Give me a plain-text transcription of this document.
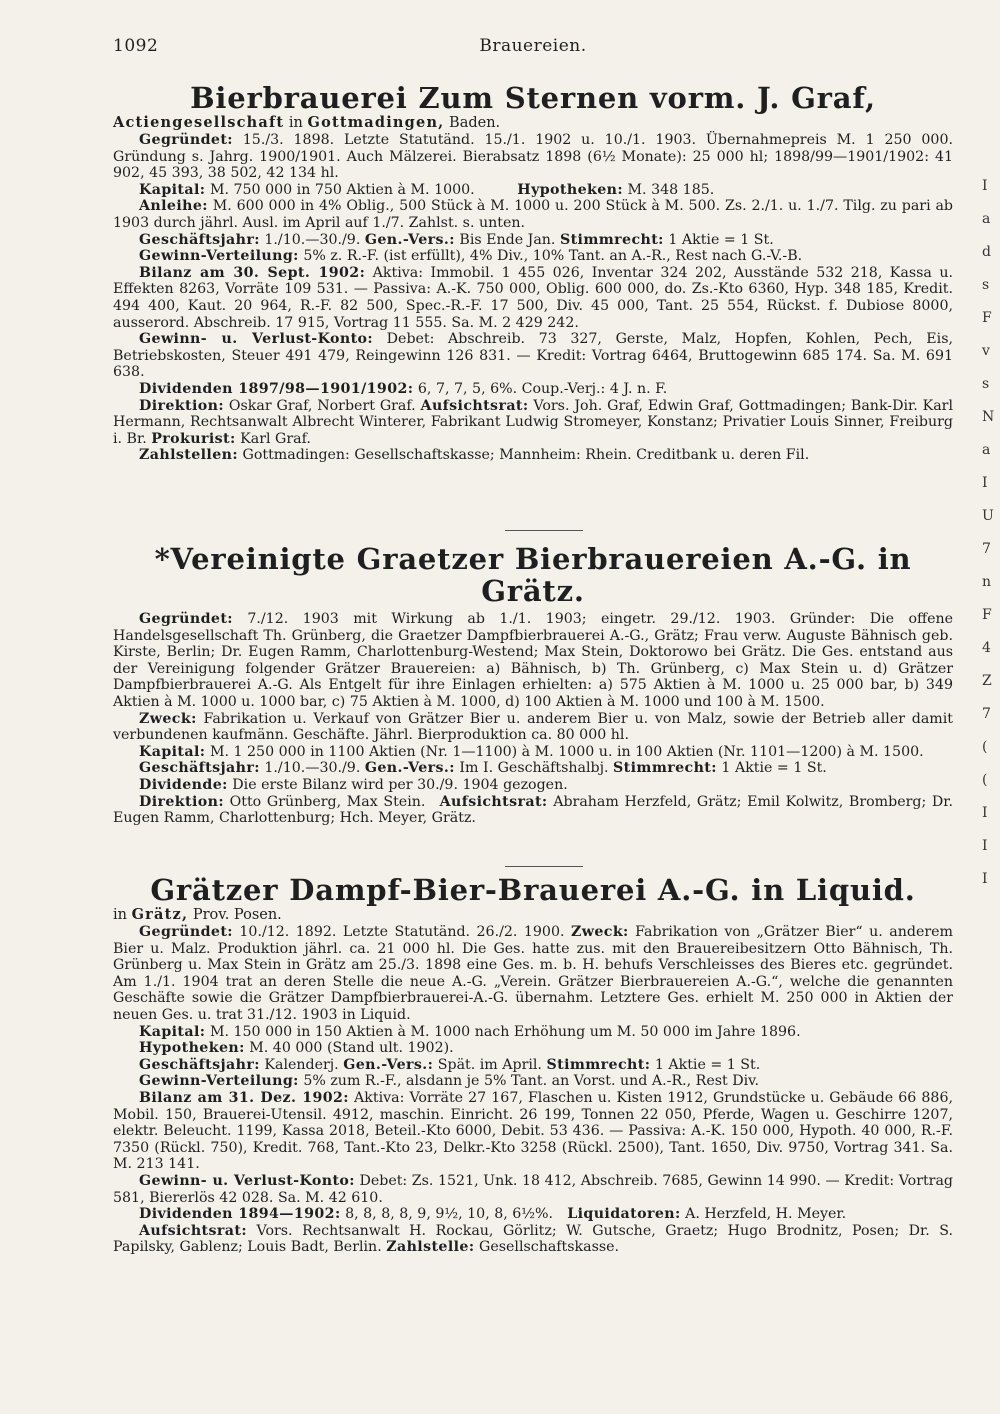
1092	Brauereien.
Bierbrauerei Zum Sternen vorm. J. Graf,

Actiengesellschaft in Gottmadingen, Baden.

Gegründet: 15./3. 1898. Letzte Statutänd. 15./1. 1902 u. 10./1. 1903. Übernahmepreis M. 1 250 000. Gründung s. Jahrg. 1900/1901. Auch Mälzerei. Bierabsatz 1898 (6½ Monate): 25 000 hl; 1898/99—1901/1902: 41 902, 45 393, 38 502, 42 134 hl.

Kapital: M. 750 000 in 750 Aktien à M. 1000.   	Hypotheken: M. 348 185.

Anleihe: M. 600 000 in 4% Oblig., 500 Stück à M. 1000 u. 200 Stück à M. 500. Zs. 2./1. u. 1./7. Tilg. zu pari ab 1903 durch jährl. Ausl. im April auf 1./7. Zahlst. s. unten.

Geschäftsjahr: 1./10.—30./9. Gen.-Vers.: Bis Ende Jan. Stimmrecht: 1 Aktie = 1 St.

Gewinn-Verteilung: 5% z. R.-F. (ist erfüllt), 4% Div., 10% Tant. an A.-R., Rest nach G.-V.-B.

Bilanz am 30. Sept. 1902: Aktiva: Immobil. 1 455 026, Inventar 324 202, Ausstände 532 218, Kassa u. Effekten 8263, Vorräte 109 531. — Passiva: A.-K. 750 000, Oblig. 600 000, do. Zs.-Kto 6360, Hyp. 348 185, Kredit. 494 400, Kaut. 20 964, R.-F. 82 500, Spec.-R.-F. 17 500, Div. 45 000, Tant. 25 554, Rückst. f. Dubiose 8000, ausserord. Abschreib. 17 915, Vortrag 11 555. Sa. M. 2 429 242.

Gewinn- u. Verlust-Konto: Debet: Abschreib. 73 327, Gerste, Malz, Hopfen, Kohlen, Pech, Eis, Betriebskosten, Steuer 491 479, Reingewinn 126 831. — Kredit: Vortrag 6464, Bruttogewinn 685 174. Sa. M. 691 638.

Dividenden 1897/98—1901/1902: 6, 7, 7, 5, 6%. Coup.-Verj.: 4 J. n. F.

Direktion: Oskar Graf, Norbert Graf. Aufsichtsrat: Vors. Joh. Graf, Edwin Graf, Gottmadingen; Bank-Dir. Karl Hermann, Rechtsanwalt Albrecht Winterer, Fabrikant Ludwig Stromeyer, Konstanz; Privatier Louis Sinner, Freiburg i. Br. Prokurist: Karl Graf.

Zahlstellen: Gottmadingen: Gesellschaftskasse; Mannheim: Rhein. Creditbank u. deren Fil.

*Vereinigte Graetzer Bierbrauereien A.-G. in Grätz.

Gegründet: 7./12. 1903 mit Wirkung ab 1./1. 1903; eingetr. 29./12. 1903. Gründer: Die offene Handelsgesellschaft Th. Grünberg, die Graetzer Dampfbierbrauerei A.-G., Grätz; Frau verw. Auguste Bähnisch geb. Kirste, Berlin; Dr. Eugen Ramm, Charlottenburg-Westend; Max Stein, Doktorowo bei Grätz. Die Ges. entstand aus der Vereinigung folgender Grätzer Brauereien: a) Bähnisch, b) Th. Grünberg, c) Max Stein u. d) Grätzer Dampfbierbrauerei A.-G. Als Entgelt für ihre Einlagen erhielten: a) 575 Aktien à M. 1000 u. 25 000 bar, b) 349 Aktien à M. 1000 u. 1000 bar, c) 75 Aktien à M. 1000, d) 100 Aktien à M. 1000 und 100 à M. 1500.

Zweck: Fabrikation u. Verkauf von Grätzer Bier u. anderem Bier u. von Malz, sowie der Betrieb aller damit verbundenen kaufmänn. Geschäfte. Jährl. Bierproduktion ca. 80 000 hl.

Kapital: M. 1 250 000 in 1100 Aktien (Nr. 1—1100) à M. 1000 u. in 100 Aktien (Nr. 1101—1200) à M. 1500.

Geschäftsjahr: 1./10.—30./9. Gen.-Vers.: Im I. Geschäftshalbj. Stimmrecht: 1 Aktie = 1 St.

Dividende: Die erste Bilanz wird per 30./9. 1904 gezogen.

Direktion: Otto Grünberg, Max Stein.  Aufsichtsrat: Abraham Herzfeld, Grätz; Emil Kolwitz, Bromberg; Dr. Eugen Ramm, Charlottenburg; Hch. Meyer, Grätz.

Grätzer Dampf-Bier-Brauerei A.-G. in Liquid.

in Grätz, Prov. Posen.

Gegründet: 10./12. 1892. Letzte Statutänd. 26./2. 1900. Zweck: Fabrikation von „Grätzer Bier“ u. anderem Bier u. Malz. Produktion jährl. ca. 21 000 hl. Die Ges. hatte zus. mit den Brauereibesitzern Otto Bähnisch, Th. Grünberg u. Max Stein in Grätz am 25./3. 1898 eine Ges. m. b. H. behufs Verschleisses des Bieres etc. gegründet. Am 1./1. 1904 trat an deren Stelle die neue A.-G. „Verein. Grätzer Bierbrauereien A.-G.“, welche die genannten Geschäfte sowie die Grätzer Dampfbierbrauerei-A.-G. übernahm. Letztere Ges. erhielt M. 250 000 in Aktien der neuen Ges. u. trat 31./12. 1903 in Liquid.

Kapital: M. 150 000 in 150 Aktien à M. 1000 nach Erhöhung um M. 50 000 im Jahre 1896.

Hypotheken: M. 40 000 (Stand ult. 1902).

Geschäftsjahr: Kalenderj. Gen.-Vers.: Spät. im April. Stimmrecht: 1 Aktie = 1 St.

Gewinn-Verteilung: 5% zum R.-F., alsdann je 5% Tant. an Vorst. und A.-R., Rest Div.

Bilanz am 31. Dez. 1902: Aktiva: Vorräte 27 167, Flaschen u. Kisten 1912, Grundstücke u. Gebäude 66 886, Mobil. 150, Brauerei-Utensil. 4912, maschin. Einricht. 26 199, Tonnen 22 050, Pferde, Wagen u. Geschirre 1207, elektr. Beleucht. 1199, Kassa 2018, Beteil.-Kto 6000, Debit. 53 436. — Passiva: A.-K. 150 000, Hypoth. 40 000, R.-F. 7350 (Rückl. 750), Kredit. 768, Tant.-Kto 23, Delkr.-Kto 3258 (Rückl. 2500), Tant. 1650, Div. 9750, Vortrag 341. Sa. M. 213 141.

Gewinn- u. Verlust-Konto: Debet: Zs. 1521, Unk. 18 412, Abschreib. 7685, Gewinn 14 990. — Kredit: Vortrag 581, Biererlös 42 028. Sa. M. 42 610.

Dividenden 1894—1902: 8, 8, 8, 8, 9, 9½, 10, 8, 6½%.  Liquidatoren: A. Herzfeld, H. Meyer.

Aufsichtsrat: Vors. Rechtsanwalt H. Rockau, Görlitz; W. Gutsche, Graetz; Hugo Brodnitz, Posen; Dr. S. Papilsky, Gablenz; Louis Badt, Berlin. Zahlstelle: Gesellschaftskasse.

I
a
d
s
F
v
s
N
a
I
U
7
n
F
4
Z
7
(
(
I
I
I
